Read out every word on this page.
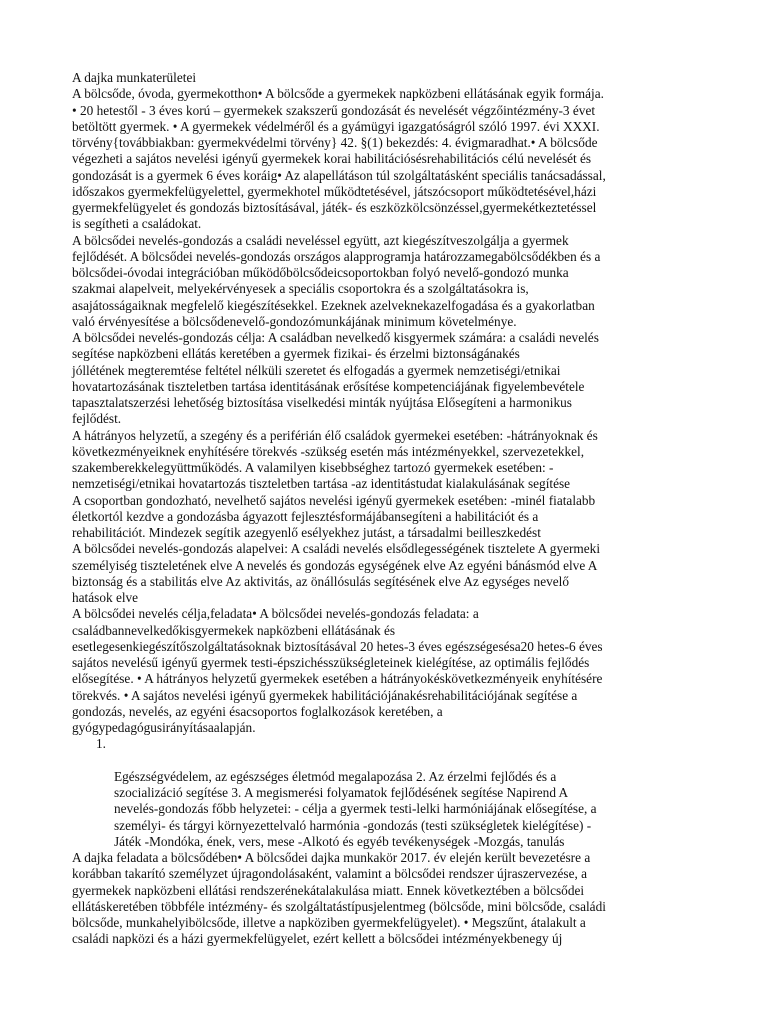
A dajka munkaterületei

A bölcsőde, óvoda, gyermekotthon• A bölcsőde a gyermekek napközbeni ellátásának egyik formája.
• 20 hetestől - 3 éves korú – gyermekek szakszerű gondozását és nevelését végzőintézmény-3 évet
betöltött gyermek. • A gyermekek védelméről és a gyámügyi igazgatóságról szóló 1997. évi XXXI.
törvény{továbbiakban: gyermekvédelmi törvény} 42. §(1) bekezdés: 4. évigmaradhat.• A bölcsőde
végezheti a sajátos nevelési igényű gyermekek korai habilitációsésrehabilitációs célú nevelését és
gondozását is a gyermek 6 éves koráig• Az alapellátáson túl szolgáltatásként speciális tanácsadással,
időszakos gyermekfelügyelettel, gyermekhotel működtetésével, játszócsoport működtetésével,házi
gyermekfelügyelet és gondozás biztosításával, játék- és eszközkölcsönzéssel,gyermekétkeztetéssel
is segítheti a családokat.

A bölcsődei nevelés-gondozás a családi neveléssel együtt, azt kiegészítveszolgálja a gyermek
fejlődését. A bölcsődei nevelés-gondozás országos alapprogramja határozzamegabölcsődékben és a
bölcsődei-óvodai integrációban működőbölcsődeicsoportokban folyó nevelő-gondozó munka
szakmai alapelveit, melyekérvényesek a speciális csoportokra és a szolgáltatásokra is,
asajátosságaiknak megfelelő kiegészítésekkel. Ezeknek azelveknekazelfogadása és a gyakorlatban
való érvényesítése a bölcsődenevelő-gondozómunkájának minimum követelménye.

A bölcsődei nevelés-gondozás célja: A családban nevelkedő kisgyermek számára: a családi nevelés
segítése napközbeni ellátás keretében a gyermek fizikai- és érzelmi biztonságánakés
jóllétének megteremtése feltétel nélküli szeretet és elfogadás a gyermek nemzetiségi/etnikai
hovatartozásának tiszteletben tartása identitásának erősítése kompetenciájának figyelembevétele
tapasztalatszerzési lehetőség biztosítása viselkedési minták nyújtása Elősegíteni a harmonikus
fejlődést.

A hátrányos helyzetű, a szegény és a periférián élő családok gyermekei esetében: -hátrányoknak és
következményeiknek enyhítésére törekvés -szükség esetén más intézményekkel, szervezetekkel,
szakemberekkelegyüttműködés. A valamilyen kisebbséghez tartozó gyermekek esetében: -
nemzetiségi/etnikai hovatartozás tiszteletben tartása -az identitástudat kialakulásának segítése

A csoportban gondozható, nevelhető sajátos nevelési igényű gyermekek esetében: -minél fiatalabb
életkortól kezdve a gondozásba ágyazott fejlesztésformájábansegíteni a habilitációt és a
rehabilitációt. Mindezek segítik azegyenlő esélyekhez jutást, a társadalmi beilleszkedést

A bölcsődei nevelés-gondozás alapelvei: A családi nevelés elsődlegességének tisztelete A gyermeki
személyiség tiszteletének elve A nevelés és gondozás egységének elve Az egyéni bánásmód elve A
biztonság és a stabilitás elve Az aktivitás, az önállósulás segítésének elve Az egységes nevelő
hatások elve

A bölcsődei nevelés célja,feladata• A bölcsődei nevelés-gondozás feladata: a
családbannevelkedőkisgyermekek napközbeni ellátásának és
esetlegesenkiegészítőszolgáltatásoknak biztosításával 20 hetes-3 éves egészségesésa20 hetes-6 éves
sajátos nevelésű igényű gyermek testi-épszichésszükségleteinek kielégítése, az optimális fejlődés
elősegítése. • A hátrányos helyzetű gyermekek esetében a hátrányokéskövetkezményeik enyhítésére
törekvés. • A sajátos nevelési igényű gyermekek habilitációjánakésrehabilitációjának segítése a
gondozás, nevelés, az egyéni ésacsoportos foglalkozások keretében, a
gyógypedagógusirányításaalapján.

1.

Egészségvédelem, az egészséges életmód megalapozása 2. Az érzelmi fejlődés és a
szocializáció segítése 3. A megismerési folyamatok fejlődésének segítése Napirend A
nevelés-gondozás főbb helyzetei: - célja a gyermek testi-lelki harmóniájának elősegítése, a
személyi- és tárgyi környezettelvaló harmónia -gondozás (testi szükségletek kielégítése) -
Játék -Mondóka, ének, vers, mese -Alkotó és egyéb tevékenységek -Mozgás, tanulás

A dajka feladata a bölcsődében• A bölcsődei dajka munkakör 2017. év elején került bevezetésre a
korábban takarító személyzet újragondolásaként, valamint a bölcsődei rendszer újraszervezése, a
gyermekek napközbeni ellátási rendszerénekátalakulása miatt. Ennek következtében a bölcsődei
ellátáskeretében többféle intézmény- és szolgáltatástípusjelentmeg (bölcsőde, mini bölcsőde, családi
bölcsőde, munkahelyibölcsőde, illetve a napköziben gyermekfelügyelet). • Megszűnt, átalakult a
családi napközi és a házi gyermekfelügyelet, ezért kellett a bölcsődei intézményekbenegy új
